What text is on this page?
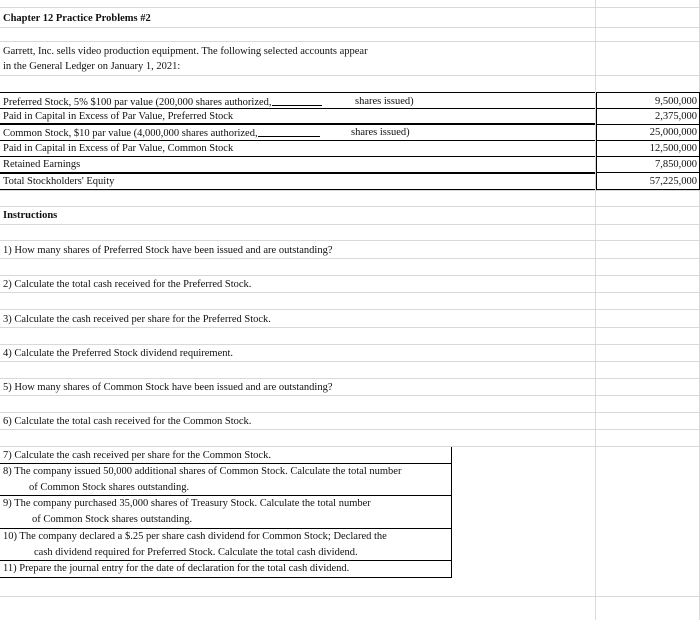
Chapter 12 Practice Problems #2
Garrett, Inc. sells video production equipment. The following selected accounts appear
in the General Ledger on January 1, 2021:
Preferred Stock, 5% $100 par value (200,000 shares authorized,	shares issued)	9,500,000
Paid in Capital in Excess of Par Value, Preferred Stock	2,375,000
Common Stock, $10 par value (4,000,000 shares authorized,	shares issued)	25,000,000
Paid in Capital in Excess of Par Value, Common Stock	12,500,000
Retained Earnings	7,850,000
Total Stockholders' Equity	57,225,000
Instructions
1) How many shares of Preferred Stock have been issued and are outstanding?
2) Calculate the total cash received for the Preferred Stock.
3) Calculate the cash received per share for the Preferred Stock.
4) Calculate the Preferred Stock dividend requirement.
5) How many shares of Common Stock have been issued and are outstanding?
6) Calculate the total cash received for the Common Stock.
7) Calculate the cash received per share for the Common Stock.
8) The company issued 50,000 additional shares of Common Stock. Calculate the total number
of Common Stock shares outstanding.
9) The company purchased 35,000 shares of Treasury Stock. Calculate the total number
of Common Stock shares outstanding.
10) The company declared a $.25 per share cash dividend for Common Stock; Declared the
cash dividend required for Preferred Stock. Calculate the total cash dividend.
11) Prepare the journal entry for the date of declaration for the total cash dividend.
